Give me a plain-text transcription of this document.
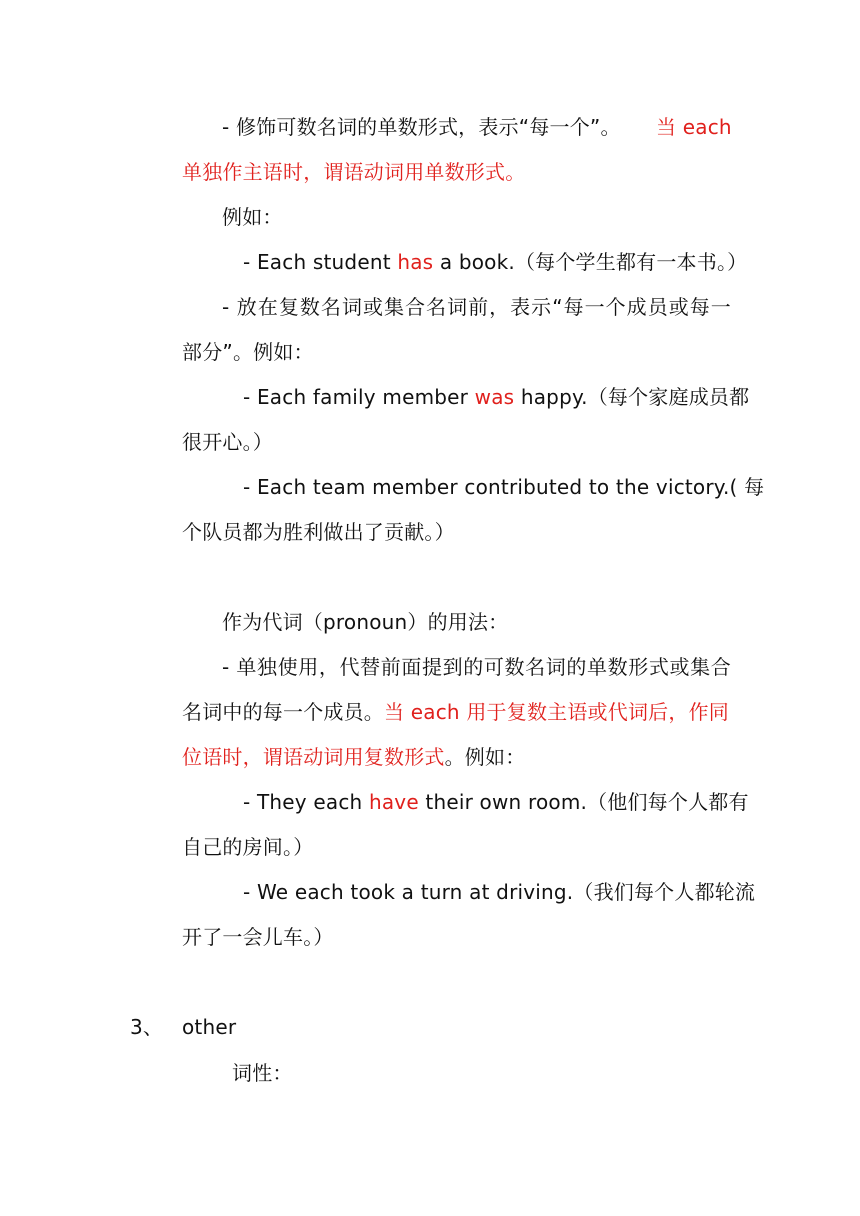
- 修饰可数名词的单数形式，表示“每一个”。 当 each
单独作主语时，谓语动词用单数形式。
例如：
- Each student has a book.（每个学生都有一本书。）
- 放在复数名词或集合名词前，表示“每一个成员或每一
部分”。例如：
- Each family member was happy.（每个家庭成员都
很开心。）
- Each team member contributed to the victory.( 每
个队员都为胜利做出了贡献。）
作为代词（pronoun）的用法：
- 单独使用，代替前面提到的可数名词的单数形式或集合
名词中的每一个成员。当 each 用于复数主语或代词后，作同
位语时，谓语动词用复数形式。例如：
- They each have their own room.（他们每个人都有
自己的房间。）
- We each took a turn at driving.（我们每个人都轮流
开了一会儿车。）
3、 other
词性：
